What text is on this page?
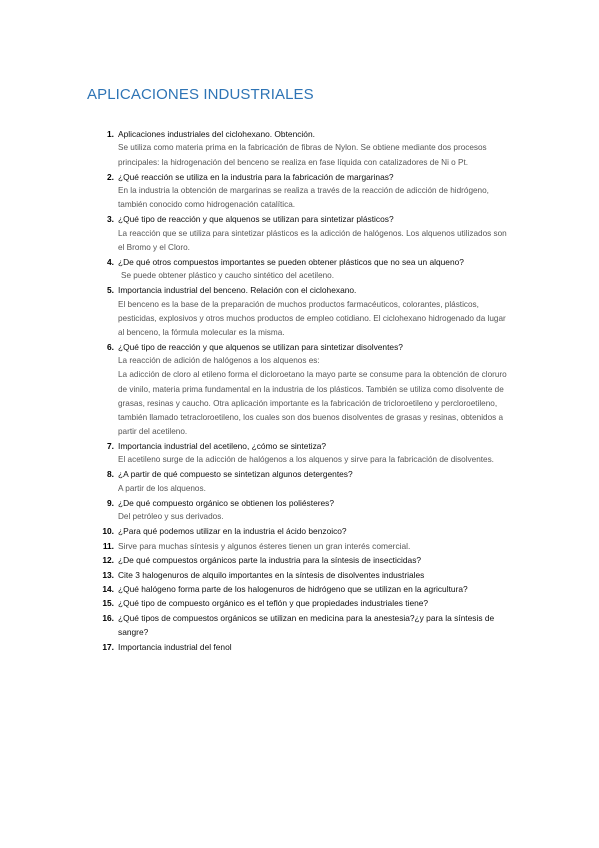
APLICACIONES INDUSTRIALES
1. Aplicaciones industriales del ciclohexano. Obtención.
Se utiliza como materia prima en la fabricación de fibras de Nylon. Se obtiene mediante dos procesos principales: la hidrogenación del benceno se realiza en fase líquida con catalizadores de Ni o Pt.
2. ¿Qué reacción se utiliza en la industria para la fabricación de margarinas?
En la industria la obtención de margarinas se realiza a través de la reacción de adicción de hidrógeno, también conocido como hidrogenación catalítica.
3. ¿Qué tipo de reacción y que alquenos se utilizan para sintetizar plásticos?
La reacción que se utiliza para sintetizar plásticos es la adicción de halógenos. Los alquenos utilizados son el Bromo y el Cloro.
4. ¿De qué otros compuestos importantes se pueden obtener plásticos que no sea un alqueno?
Se puede obtener plástico y caucho sintético del acetileno.
5. Importancia industrial del benceno. Relación con el ciclohexano.
El benceno es la base de la preparación de muchos productos farmacéuticos, colorantes, plásticos, pesticidas, explosivos y otros muchos productos de empleo cotidiano. El ciclohexano hidrogenado da lugar al benceno, la fórmula molecular es la misma.
6. ¿Qué tipo de reacción y que alquenos se utilizan para sintetizar disolventes?
La reacción de adición de halógenos a los alquenos es:
La adicción de cloro al etileno forma el dicloroetano la mayo parte se consume para la obtención de cloruro de vinilo, materia prima fundamental en la industria de los plásticos. También se utiliza como disolvente de grasas, resinas y caucho. Otra aplicación importante es la fabricación de tricloroetileno y percloroetileno, también llamado tetracloroetileno, los cuales son dos buenos disolventes de grasas y resinas, obtenidos a partir del acetileno.
7. Importancia industrial del acetileno, ¿cómo se sintetiza?
El acetileno surge de la adicción de halógenos a los alquenos y sirve para la fabricación de disolventes.
8. ¿A partir de qué compuesto se sintetizan algunos detergentes?
A partir de los alquenos.
9. ¿De qué compuesto orgánico se obtienen los poliésteres?
Del petróleo y sus derivados.
10. ¿Para qué podemos utilizar en la industria el ácido benzoico?
11. Sirve para muchas síntesis y algunos ésteres tienen un gran interés comercial.
12. ¿De qué compuestos orgánicos parte la industria para la síntesis de insecticidas?
13. Cite 3 halogenuros de alquilo importantes en la síntesis de disolventes industriales
14. ¿Qué halógeno forma parte de los halogenuros de hidrógeno que se utilizan en la agricultura?
15. ¿Qué tipo de compuesto orgánico es el teflón y que propiedades industriales tiene?
16. ¿Qué tipos de compuestos orgánicos se utilizan en medicina para la anestesia?¿y para la síntesis de sangre?
17. Importancia industrial del fenol
